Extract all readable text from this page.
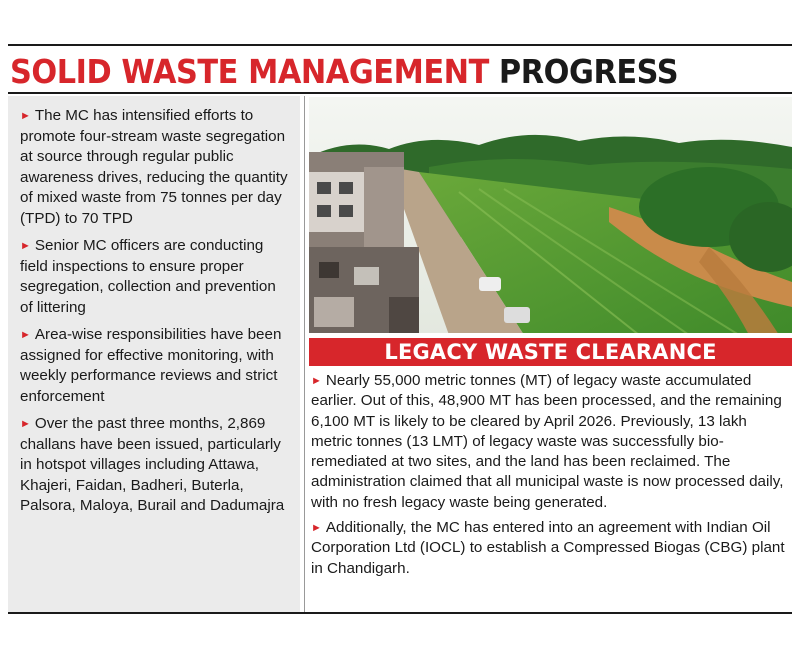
SOLID WASTE MANAGEMENT PROGRESS
► The MC has intensified efforts to promote four-stream waste segregation at source through regular public awareness drives, reducing the quantity of mixed waste from 75 tonnes per day (TPD) to 70 TPD
► Senior MC officers are conducting field inspections to ensure proper segregation, collection and prevention of littering
► Area-wise responsibilities have been assigned for effective monitoring, with weekly performance reviews and strict enforcement
► Over the past three months, 2,869 challans have been issued, particularly in hotspot villages including Attawa, Khajeri, Faidan, Badheri, Buterla, Palsora, Maloya, Burail and Dadumajra
LEGACY WASTE CLEARANCE
► Nearly 55,000 metric tonnes (MT) of legacy waste accumulated earlier. Out of this, 48,900 MT has been processed, and the remaining 6,100 MT is likely to be cleared by April 2026. Previously, 13 lakh metric tonnes (13 LMT) of legacy waste was successfully bio-remediated at two sites, and the land has been reclaimed. The administration claimed that all municipal waste is now processed daily, with no fresh legacy waste being generated.
► Additionally, the MC has entered into an agreement with Indian Oil Corporation Ltd (IOCL) to establish a Compressed Biogas (CBG) plant in Chandigarh.
